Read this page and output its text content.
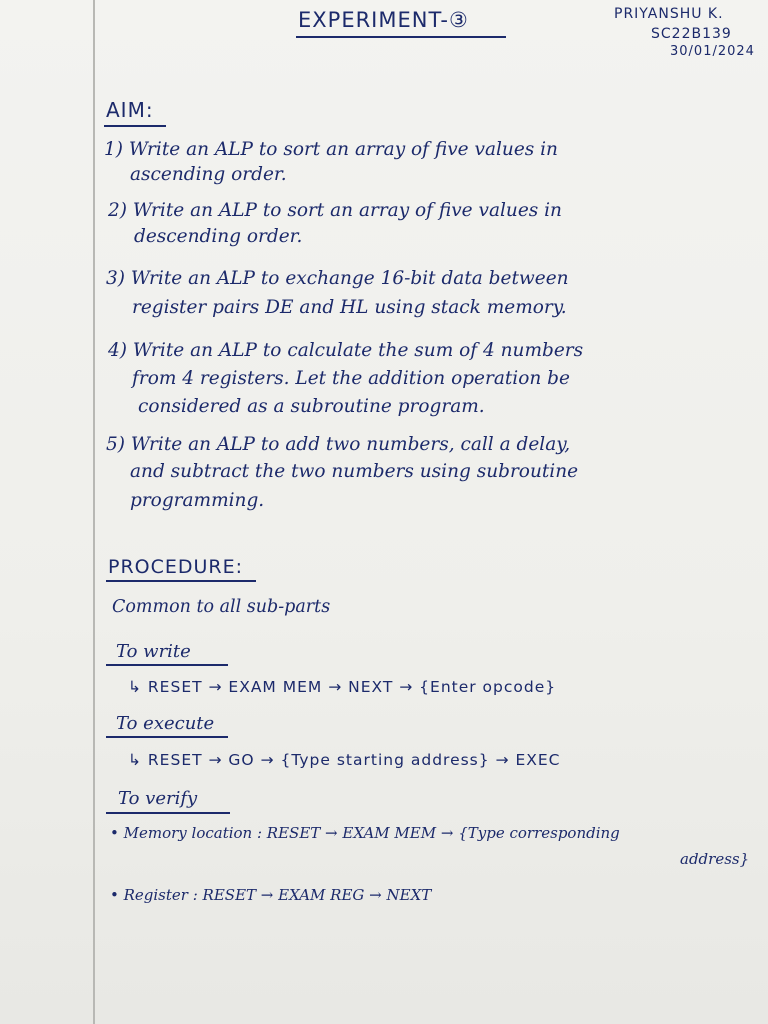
EXPERIMENT-③	PRIYANSHU K.
SC22B139
30/01/2024
AIM:
1) Write an ALP to sort an array of five values in
ascending order.
2) Write an ALP to sort an array of five values in
descending order.
3) Write an ALP to exchange 16-bit data between
register pairs DE and HL using stack memory.
4) Write an ALP to calculate the sum of 4 numbers
from 4 registers. Let the addition operation be
considered as a subroutine program.
5) Write an ALP to add two numbers, call a delay,
and subtract the two numbers using subroutine
programming.
PROCEDURE:
Common to all sub-parts
To write
↳ RESET → EXAM MEM → NEXT → {Enter opcode}
To execute
↳ RESET → GO → {Type starting address} → EXEC
To verify
• Memory location : RESET → EXAM MEM → {Type corresponding
address}
• Register : RESET → EXAM REG → NEXT
